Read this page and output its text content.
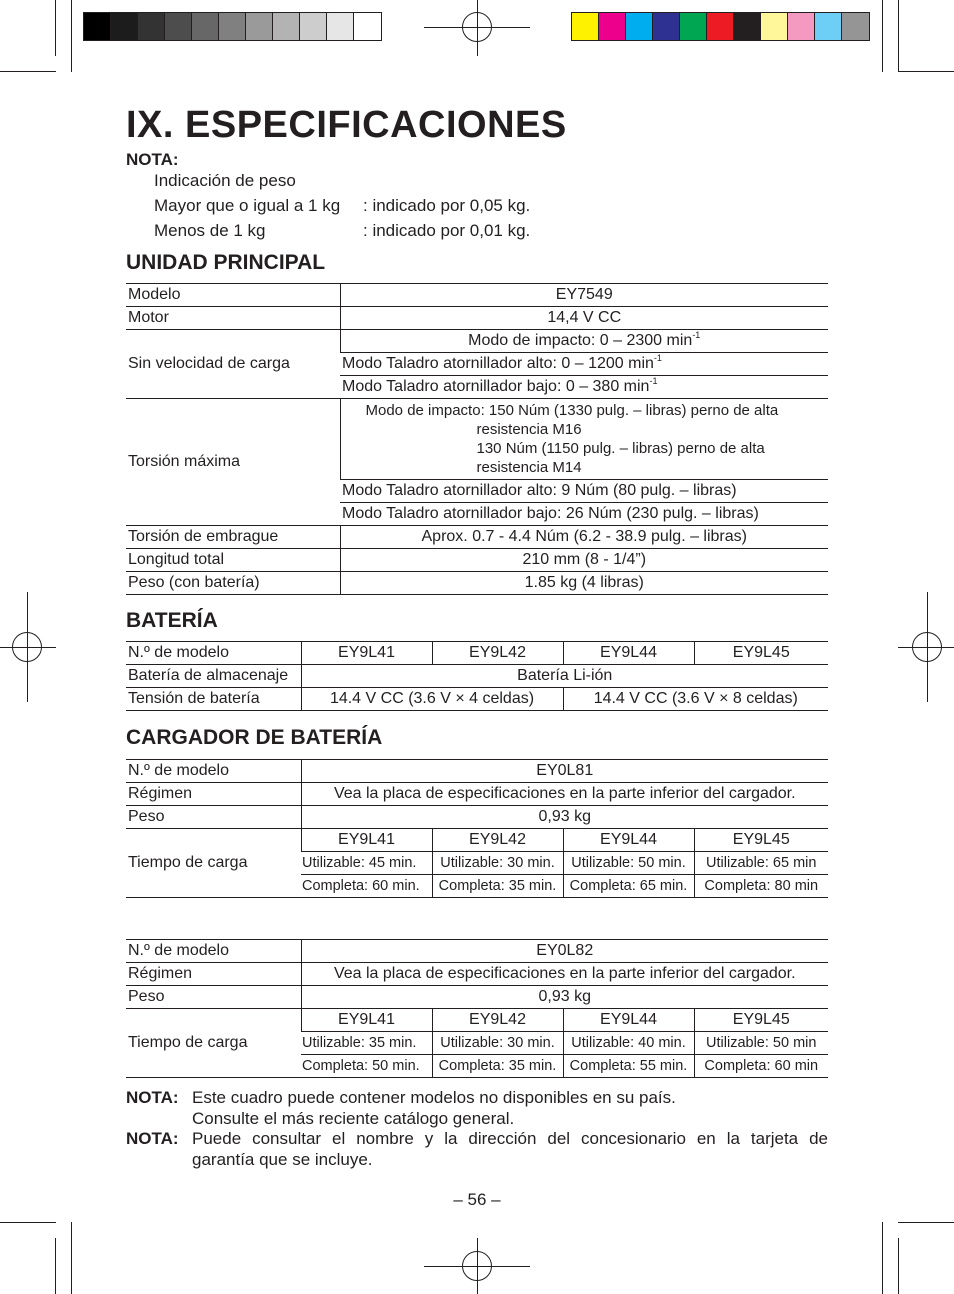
IX. ESPECIFICACIONES
NOTA:
Indicación de peso
Mayor que o igual a 1 kg : indicado por 0,05 kg.
Menos de 1 kg	: indicado por 0,01 kg.
UNIDAD PRINCIPAL
Modelo	EY7549
Motor	14,4 V CC
Sin velocidad de carga	Modo de impacto: 0 – 2300 $\min^{-1}$
	Modo Taladro atornillador alto: 0 – 1200 $\min^{-1}$
	Modo Taladro atornillador bajo: 0 – 380 $\min^{-1}$
Torsión máxima	Modo de impacto: 150 Núm (1330 pulg. – libras) perno de alta
resistencia M16
130 Núm (1150 pulg. – libras) perno de alta
resistencia M14

	Modo Taladro atornillador alto: 9 Núm (80 pulg. – libras)
	Modo Taladro atornillador bajo: 26 Núm (230 pulg. – libras)
Torsión de embrague	Aprox. 0.7 - 4.4 Núm (6.2 - 38.9 pulg. – libras)
Longitud total	210 mm (8 - 1/4”)
Peso (con batería)	1.85 kg (4 libras)
BATERÍA
N.º de modelo	EY9L41	EY9L42	EY9L44	EY9L45
Batería de almacenaje	Batería Li-ión			
Tensión de batería	14.4 V CC (3.6 V × 4 celdas)		14.4 V CC (3.6 V × 8 celdas)	
CARGADOR DE BATERÍA
N.º de modelo	EY0L81			
Régimen	Vea la placa de especificaciones en la parte inferior del cargador.			
Peso	0,93 kg			
Tiempo de carga	EY9L41	EY9L42	EY9L44	EY9L45
	Utilizable: 45 min.	Utilizable: 30 min.	Utilizable: 50 min.	Utilizable: 65 min
	Completa: 60 min.	Completa: 35 min.	Completa: 65 min.	Completa: 80 min
N.º de modelo	EY0L82			
Régimen	Vea la placa de especificaciones en la parte inferior del cargador.			
Peso	0,93 kg			
Tiempo de carga	EY9L41	EY9L42	EY9L44	EY9L45
	Utilizable: 35 min.	Utilizable: 30 min.	Utilizable: 40 min.	Utilizable: 50 min
	Completa: 50 min.	Completa: 35 min.	Completa: 55 min.	Completa: 60 min
NOTA: Este cuadro puede contener modelos no disponibles en su país.
Consulte el más reciente catálogo general.
NOTA: Puede consultar el nombre y la dirección del concesionario en la tarjeta de
garantía que se incluye.
– 56 –
